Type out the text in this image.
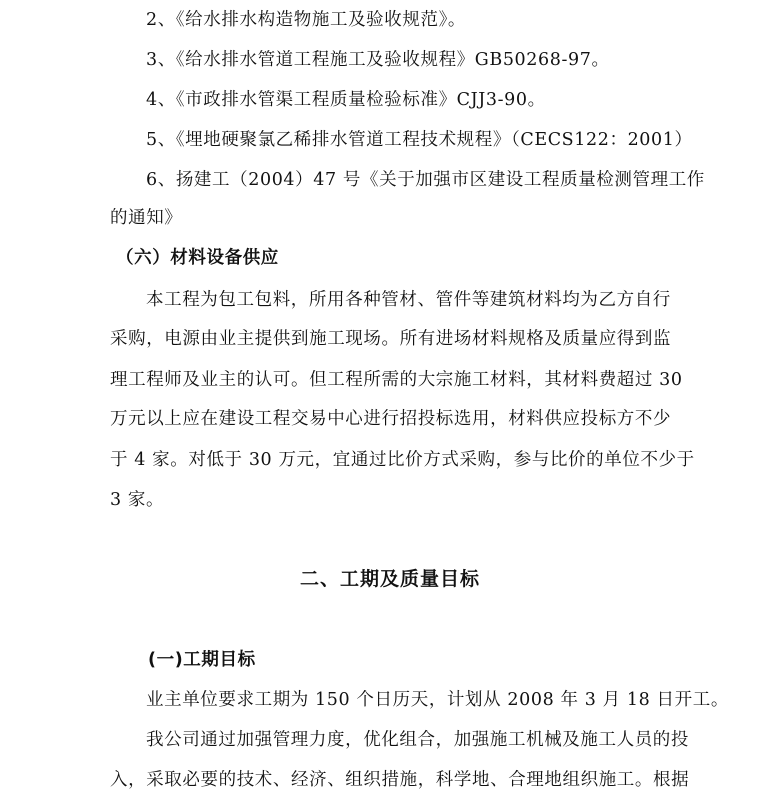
2、《给水排水构造物施工及验收规范》。
3、《给水排水管道工程施工及验收规程》GB50268-97。
4、《市政排水管渠工程质量检验标准》CJJ3-90。
5、《埋地硬聚氯乙稀排水管道工程技术规程》（CECS122：2001）
6、扬建工（2004）47 号《关于加强市区建设工程质量检测管理工作
的通知》
（六）材料设备供应
本工程为包工包料，所用各种管材、管件等建筑材料均为乙方自行
采购，电源由业主提供到施工现场。所有进场材料规格及质量应得到监
理工程师及业主的认可。但工程所需的大宗施工材料，其材料费超过 30
万元以上应在建设工程交易中心进行招投标选用，材料供应投标方不少
于 4 家。对低于 30 万元，宜通过比价方式采购，参与比价的单位不少于
3 家。
二、工期及质量目标
(一)工期目标
业主单位要求工期为 150 个日历天，计划从 2008 年 3 月 18 日开工。
我公司通过加强管理力度，优化组合，加强施工机械及施工人员的投
入，采取必要的技术、经济、组织措施，科学地、合理地组织施工。根据
